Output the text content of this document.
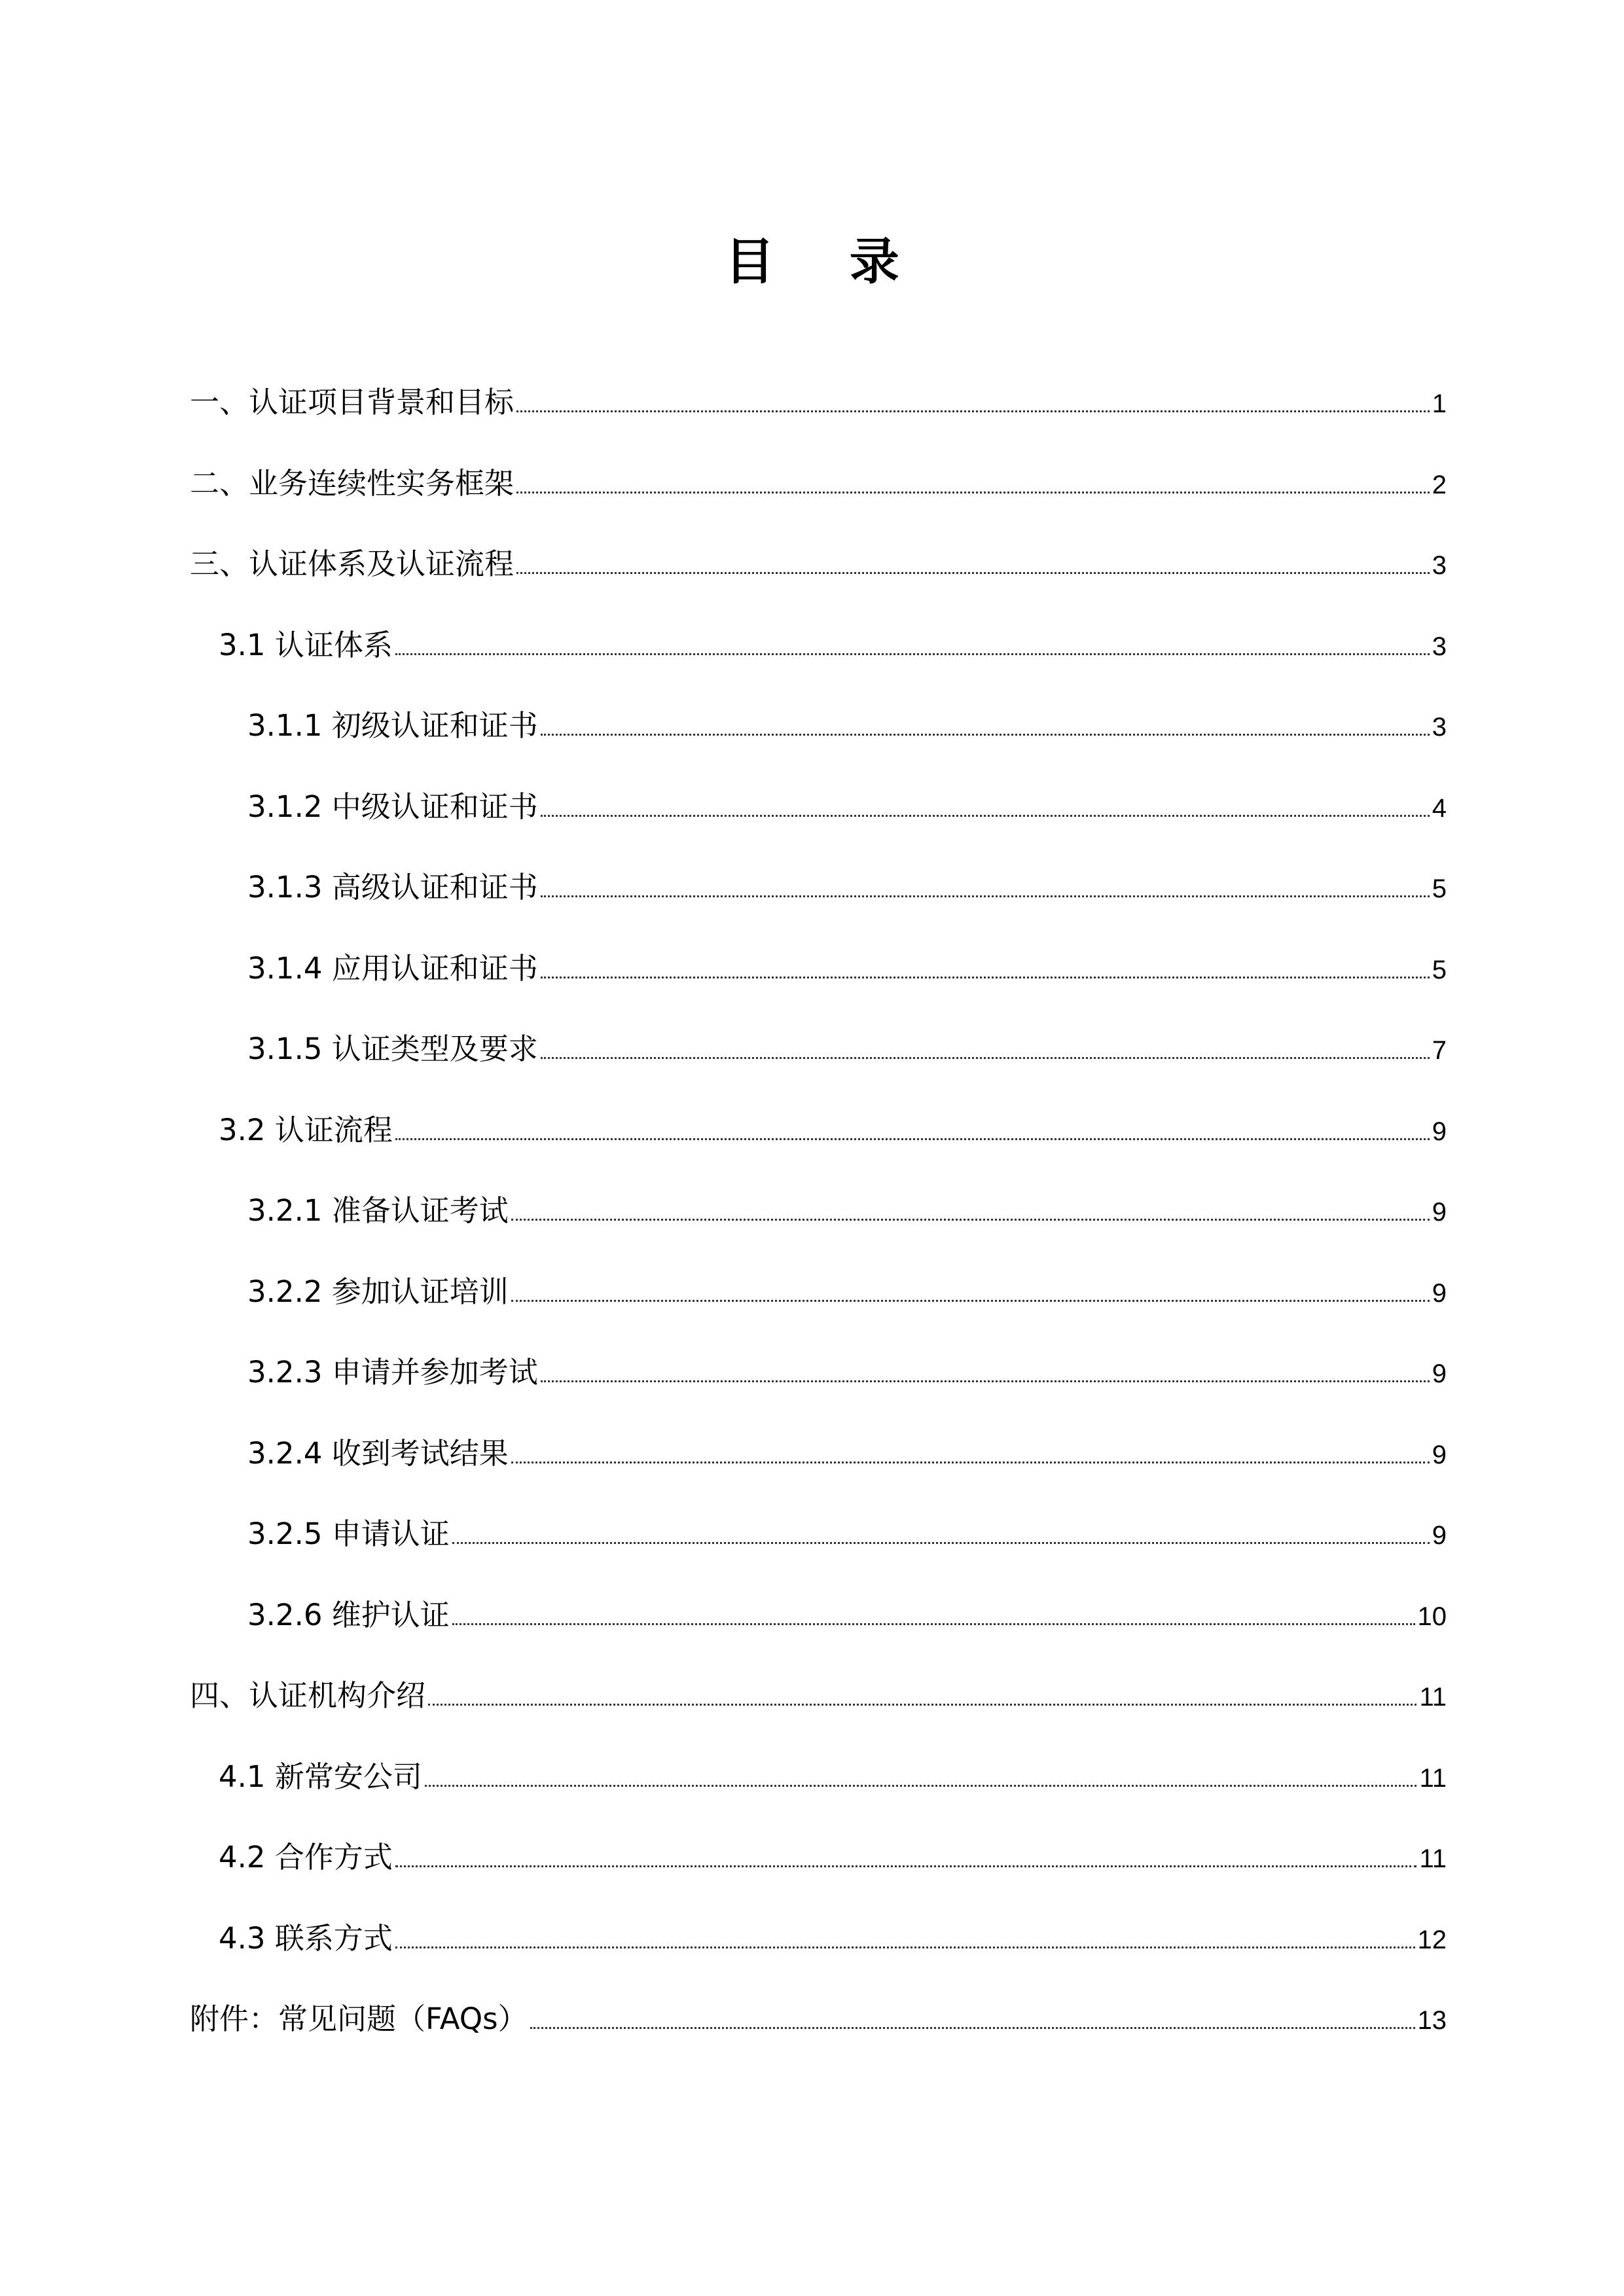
目 录
一、认证项目背景和目标	1
二、业务连续性实务框架	2
三、认证体系及认证流程	3
3.1 认证体系	3
3.1.1 初级认证和证书	3
3.1.2 中级认证和证书	4
3.1.3 高级认证和证书	5
3.1.4 应用认证和证书	5
3.1.5 认证类型及要求	7
3.2 认证流程	9
3.2.1 准备认证考试	9
3.2.2 参加认证培训	9
3.2.3 申请并参加考试	9
3.2.4 收到考试结果	9
3.2.5 申请认证	9
3.2.6 维护认证	10
四、认证机构介绍	11
4.1 新常安公司	11
4.2 合作方式	11
4.3 联系方式	12
附件：常见问题（FAQs）	13
